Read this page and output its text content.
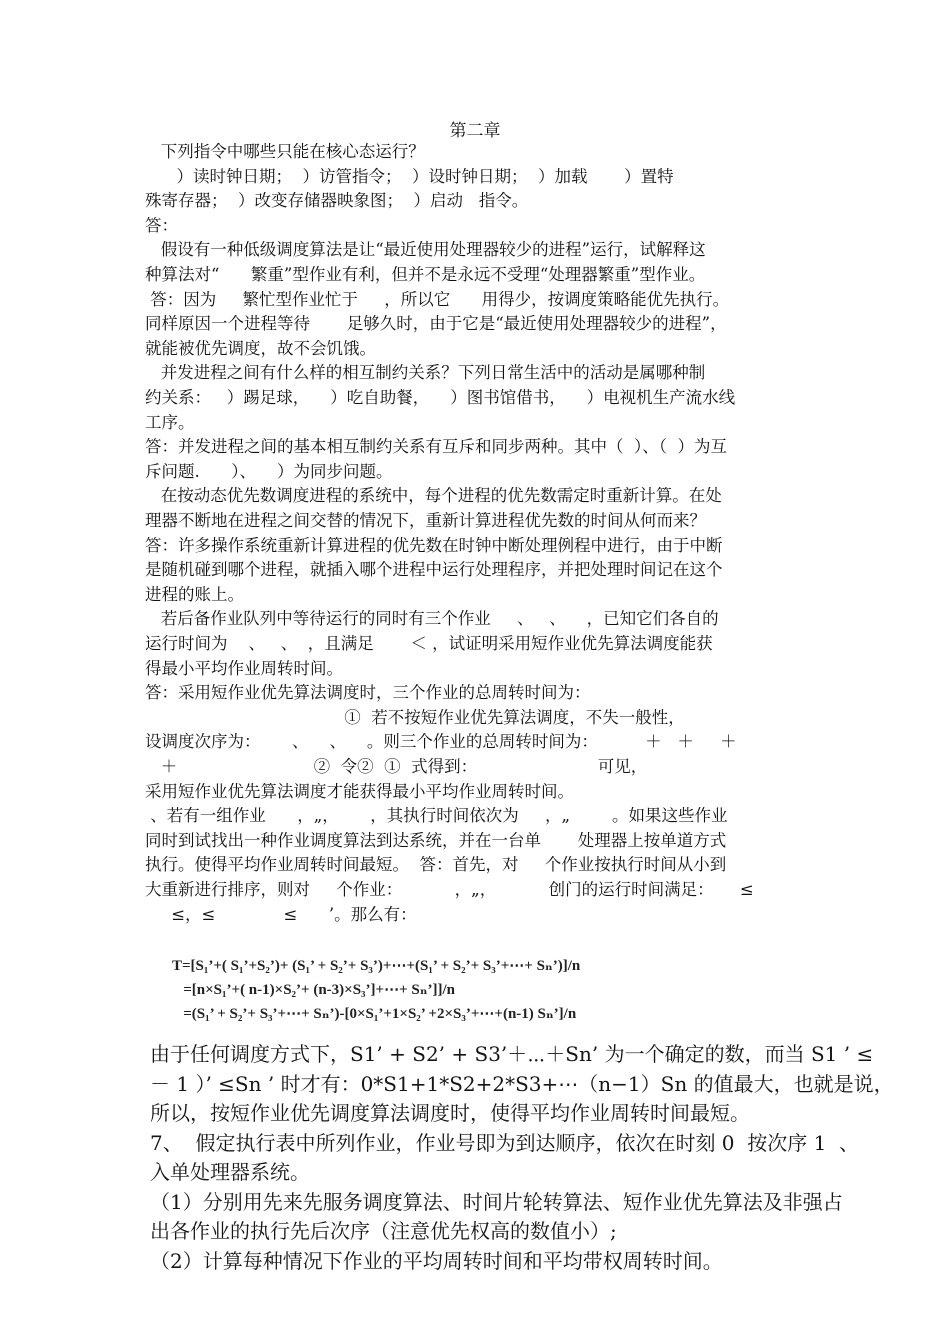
第二章
下列指令中哪些只能在核心态运行？
）读时钟日期；  ）访管指令；  ）设时钟日期；  ）加载       ）置特
殊寄存器；  ）改变存储器映象图；  ）启动   指令。
答：
假设有一种低级调度算法是让“最近使用处理器较少的进程”运行，试解释这
种算法对“      繁重”型作业有利，但并不是永远不受理“处理器繁重”型作业。
答：因为     繁忙型作业忙于     ，所以它      用得少，按调度策略能优先执行。
同样原因一个进程等待       足够久时，由于它是“最近使用处理器较少的进程”，
就能被优先调度，故不会饥饿。
并发进程之间有什么样的相互制约关系？下列日常生活中的活动是属哪种制
约关系：   ）踢足球，    ）吃自助餐，    ）图书馆借书，    ）电视机生产流水线
工序。
答：并发进程之间的基本相互制约关系有互斥和同步两种。其中（  ）、（  ）为互
斥问题.      ）、    ）为同步问题。
在按动态优先数调度进程的系统中，每个进程的优先数需定时重新计算。在处
理器不断地在进程之间交替的情况下，重新计算进程优先数的时间从何而来？
答：许多操作系统重新计算进程的优先数在时钟中断处理例程中进行，由于中断
是随机碰到哪个进程，就插入哪个进程中运行处理程序，并把处理时间记在这个
进程的账上。
若后备作业队列中等待运行的同时有三个作业     、   、    ，已知它们各自的
运行时间为    、   、  ，且满足       ＜ ，试证明采用短作业优先算法调度能获
得最小平均作业周转时间。
答：采用短作业优先算法调度时，三个作业的总周转时间为：
①  若不按短作业优先算法调度，不失一般性，
设调度次序为：      、    、    。则三个作业的总周转时间为：         ＋   ＋     ＋
＋                          ②  令②  ①  式得到：                       可见，
采用短作业优先算法调度才能获得最小平均作业周转时间。
、若有一组作业      ，„，      ，其执行时间依次为     ，„        。如果这些作业
同时到试找出一种作业调度算法到达系统，并在一台单       处理器上按单道方式
执行。使得平均作业周转时间最短。  答：首先，对     个作业按执行时间从小到
大重新进行排序，则对     个作业：          ，„，          创门的运行时间满足：     ≤
≤，≤             ≤      ’。那么有：
T=[S₁’+( S₁’+S₂’)+ (S₁’ + S₂’+ S₃’)+⋯+(S₁’ + S₂’+ S₃’+⋯+ Sₙ’)]/n
=[n×S₁’+( n-1)×S₂’+ (n-3)×S₃’]+⋯+ Sₙ’]]/n
=(S₁’ + S₂’+ S₃’+⋯+ Sₙ’)-[0×S₁’+1×S₂’ +2×S₃’+⋯+(n-1) Sₙ’]/n
由于任何调度方式下，S1’ + S2’ + S3’＋⋯＋Sn’ 为一个确定的数，而当 S1 ’ ≤
－ 1 ）’ ≤Sn ’ 时才有：0*S1+1*S2+2*S3+⋯（n−1）Sn 的值最大，也就是说，
所以，按短作业优先调度算法调度时，使得平均作业周转时间最短。
7、  假定执行表中所列作业，作业号即为到达顺序，依次在时刻 0  按次序 1  、
入单处理器系统。
（1）分别用先来先服务调度算法、时间片轮转算法、短作业优先算法及非强占
出各作业的执行先后次序（注意优先权高的数值小）;
（2）计算每种情况下作业的平均周转时间和平均带权周转时间。
